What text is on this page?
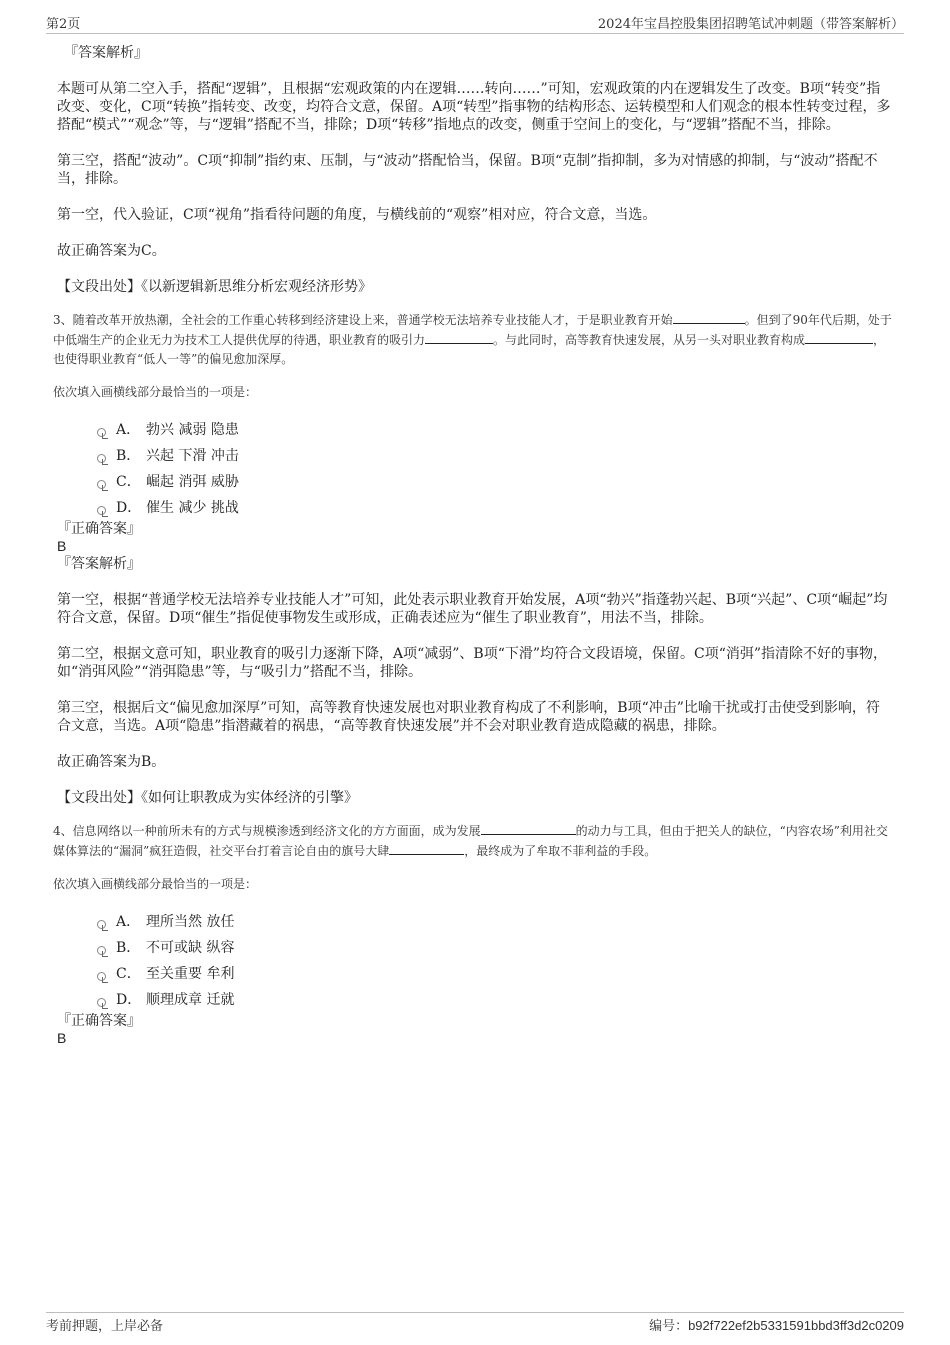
第2页	2024年宝昌控股集团招聘笔试冲刺题（带答案解析）

『答案解析』

本题可从第二空入手，搭配“逻辑”，且根据“宏观政策的内在逻辑……转向……”可知，宏观政策的内在逻辑发生了改变。B项“转变”指改变、变化，C项“转换”指转变、改变，均符合文意，保留。A项“转型”指事物的结构形态、运转模型和人们观念的根本性转变过程，多搭配“模式”“观念”等，与“逻辑”搭配不当，排除；D项“转移”指地点的改变，侧重于空间上的变化，与“逻辑”搭配不当，排除。

第三空，搭配“波动”。C项“抑制”指约束、压制，与“波动”搭配恰当，保留。B项“克制”指抑制，多为对情感的抑制，与“波动”搭配不当，排除。

第一空，代入验证，C项“视角”指看待问题的角度，与横线前的“观察”相对应，符合文意，当选。

故正确答案为C。

【文段出处】《以新逻辑新思维分析宏观经济形势》

3、随着改革开放热潮，全社会的工作重心转移到经济建设上来，普通学校无法培养专业技能人才，于是职业教育开始	。但到了90年代后期，处于中低端生产的企业无力为技术工人提供优厚的待遇，职业教育的吸引力	。与此同时，高等教育快速发展，从另一头对职业教育构成	，也使得职业教育“低人一等”的偏见愈加深厚。

依次填入画横线部分最恰当的一项是：

A． 勃兴 减弱 隐患
B． 兴起 下滑 冲击
C． 崛起 消弭 威胁
D． 催生 减少 挑战

『正确答案』

B

『答案解析』

第一空，根据“普通学校无法培养专业技能人才”可知，此处表示职业教育开始发展，A项“勃兴”指蓬勃兴起、B项“兴起”、C项“崛起”均符合文意，保留。D项“催生”指促使事物发生或形成，正确表述应为“催生了职业教育”，用法不当，排除。

第二空，根据文意可知，职业教育的吸引力逐渐下降，A项“减弱”、B项“下滑”均符合文段语境，保留。C项“消弭”指清除不好的事物，如“消弭风险”“消弭隐患”等，与“吸引力”搭配不当，排除。

第三空，根据后文“偏见愈加深厚”可知，高等教育快速发展也对职业教育构成了不利影响，B项“冲击”比喻干扰或打击使受到影响，符合文意，当选。A项“隐患”指潜藏着的祸患，“高等教育快速发展”并不会对职业教育造成隐藏的祸患，排除。

故正确答案为B。

【文段出处】《如何让职教成为实体经济的引擎》

4、信息网络以一种前所未有的方式与规模渗透到经济文化的方方面面，成为发展	的动力与工具，但由于把关人的缺位，“内容农场”利用社交媒体算法的“漏洞”疯狂造假，社交平台打着言论自由的旗号大肆	，最终成为了牟取不菲利益的手段。

依次填入画横线部分最恰当的一项是：

A． 理所当然 放任
B． 不可或缺 纵容
C． 至关重要 牟利
D． 顺理成章 迁就

『正确答案』

B

考前押题，上岸必备	编号：b92f722ef2b5331591bbd3ff3d2c0209
